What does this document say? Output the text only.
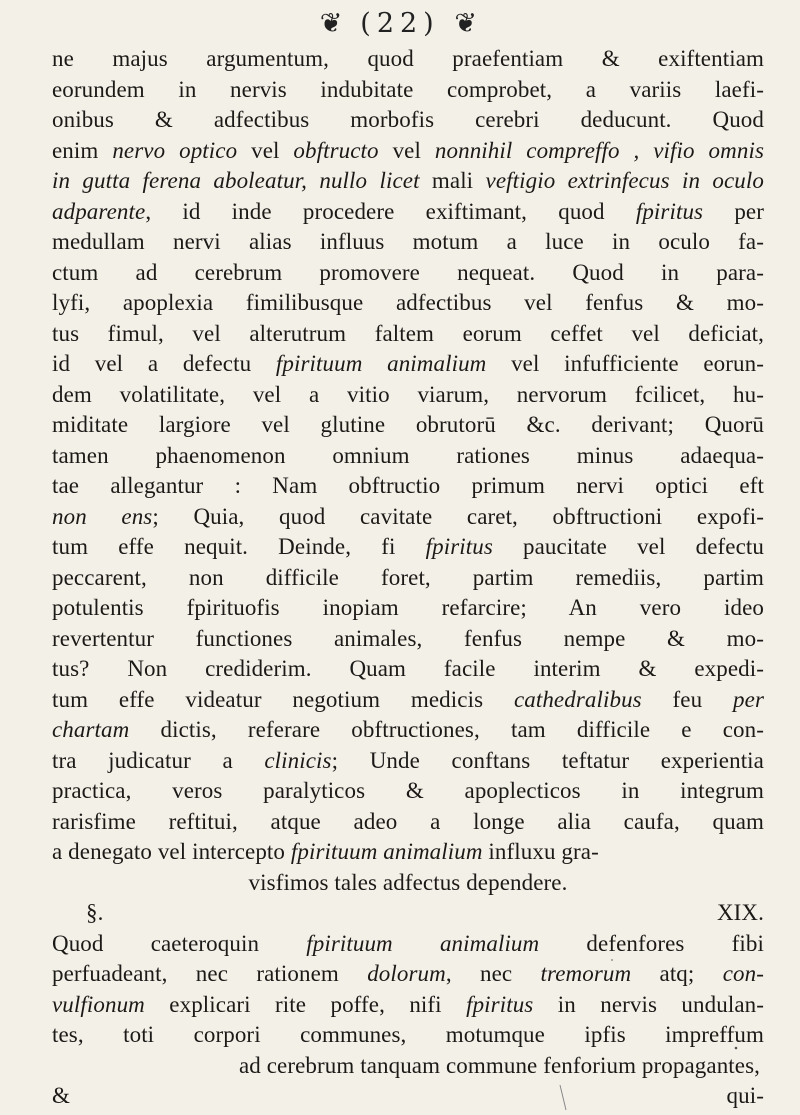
❦ (22) ❦
ne majus argumentum, quod praefentiam & exiftentiam
eorundem in nervis indubitate comprobet, a variis laefi-
onibus & adfectibus morbofis cerebri deducunt. Quod
enim nervo optico vel obftructo vel nonnihil compreffo , vifio omnis
in gutta ferena aboleatur, nullo licet mali veftigio extrinfecus in oculo
adparente, id inde procedere exiftimant, quod fpiritus per
medullam nervi alias influus motum a luce in oculo fa-
ctum ad cerebrum promovere nequeat. Quod in para-
lyfi, apoplexia fimilibusque adfectibus vel fenfus & mo-
tus fimul, vel alterutrum faltem eorum ceffet vel deficiat,
id vel a defectu fpirituum animalium vel infufficiente eorun-
dem volatilitate, vel a vitio viarum, nervorum fcilicet, hu-
miditate largiore vel glutine obrutorū &c. derivant; Quorū
tamen phaenomenon omnium rationes minus adaequa-
tae allegantur : Nam obftructio primum nervi optici eft
non ens; Quia, quod cavitate caret, obftructioni expofi-
tum effe nequit. Deinde, fi fpiritus paucitate vel defectu
peccarent, non difficile foret, partim remediis, partim
potulentis fpirituofis inopiam refarcire; An vero ideo
revertentur functiones animales, fenfus nempe & mo-
tus? Non crediderim. Quam facile interim & expedi-
tum effe videatur negotium medicis cathedralibus feu per
chartam dictis, referare obftructiones, tam difficile e con-
tra judicatur a clinicis; Unde conftans teftatur experientia
practica, veros paralyticos & apoplecticos in integrum
rarisfime reftitui, atque adeo a longe alia caufa, quam
a denegato vel intercepto fpirituum animalium influxu gra-
visfimos tales adfectus dependere.
§. XIX.
Quod caeteroquin fpirituum animalium defenfores fibi
perfuadeant, nec rationem dolorum, nec tremorum atq; con-
vulfionum explicari rite poffe, nifi fpiritus in nervis undulan-
tes, toti corpori communes, motumque ipfis impreffum
ad cerebrum tanquam commune fenforium propagantes,
& qui-
